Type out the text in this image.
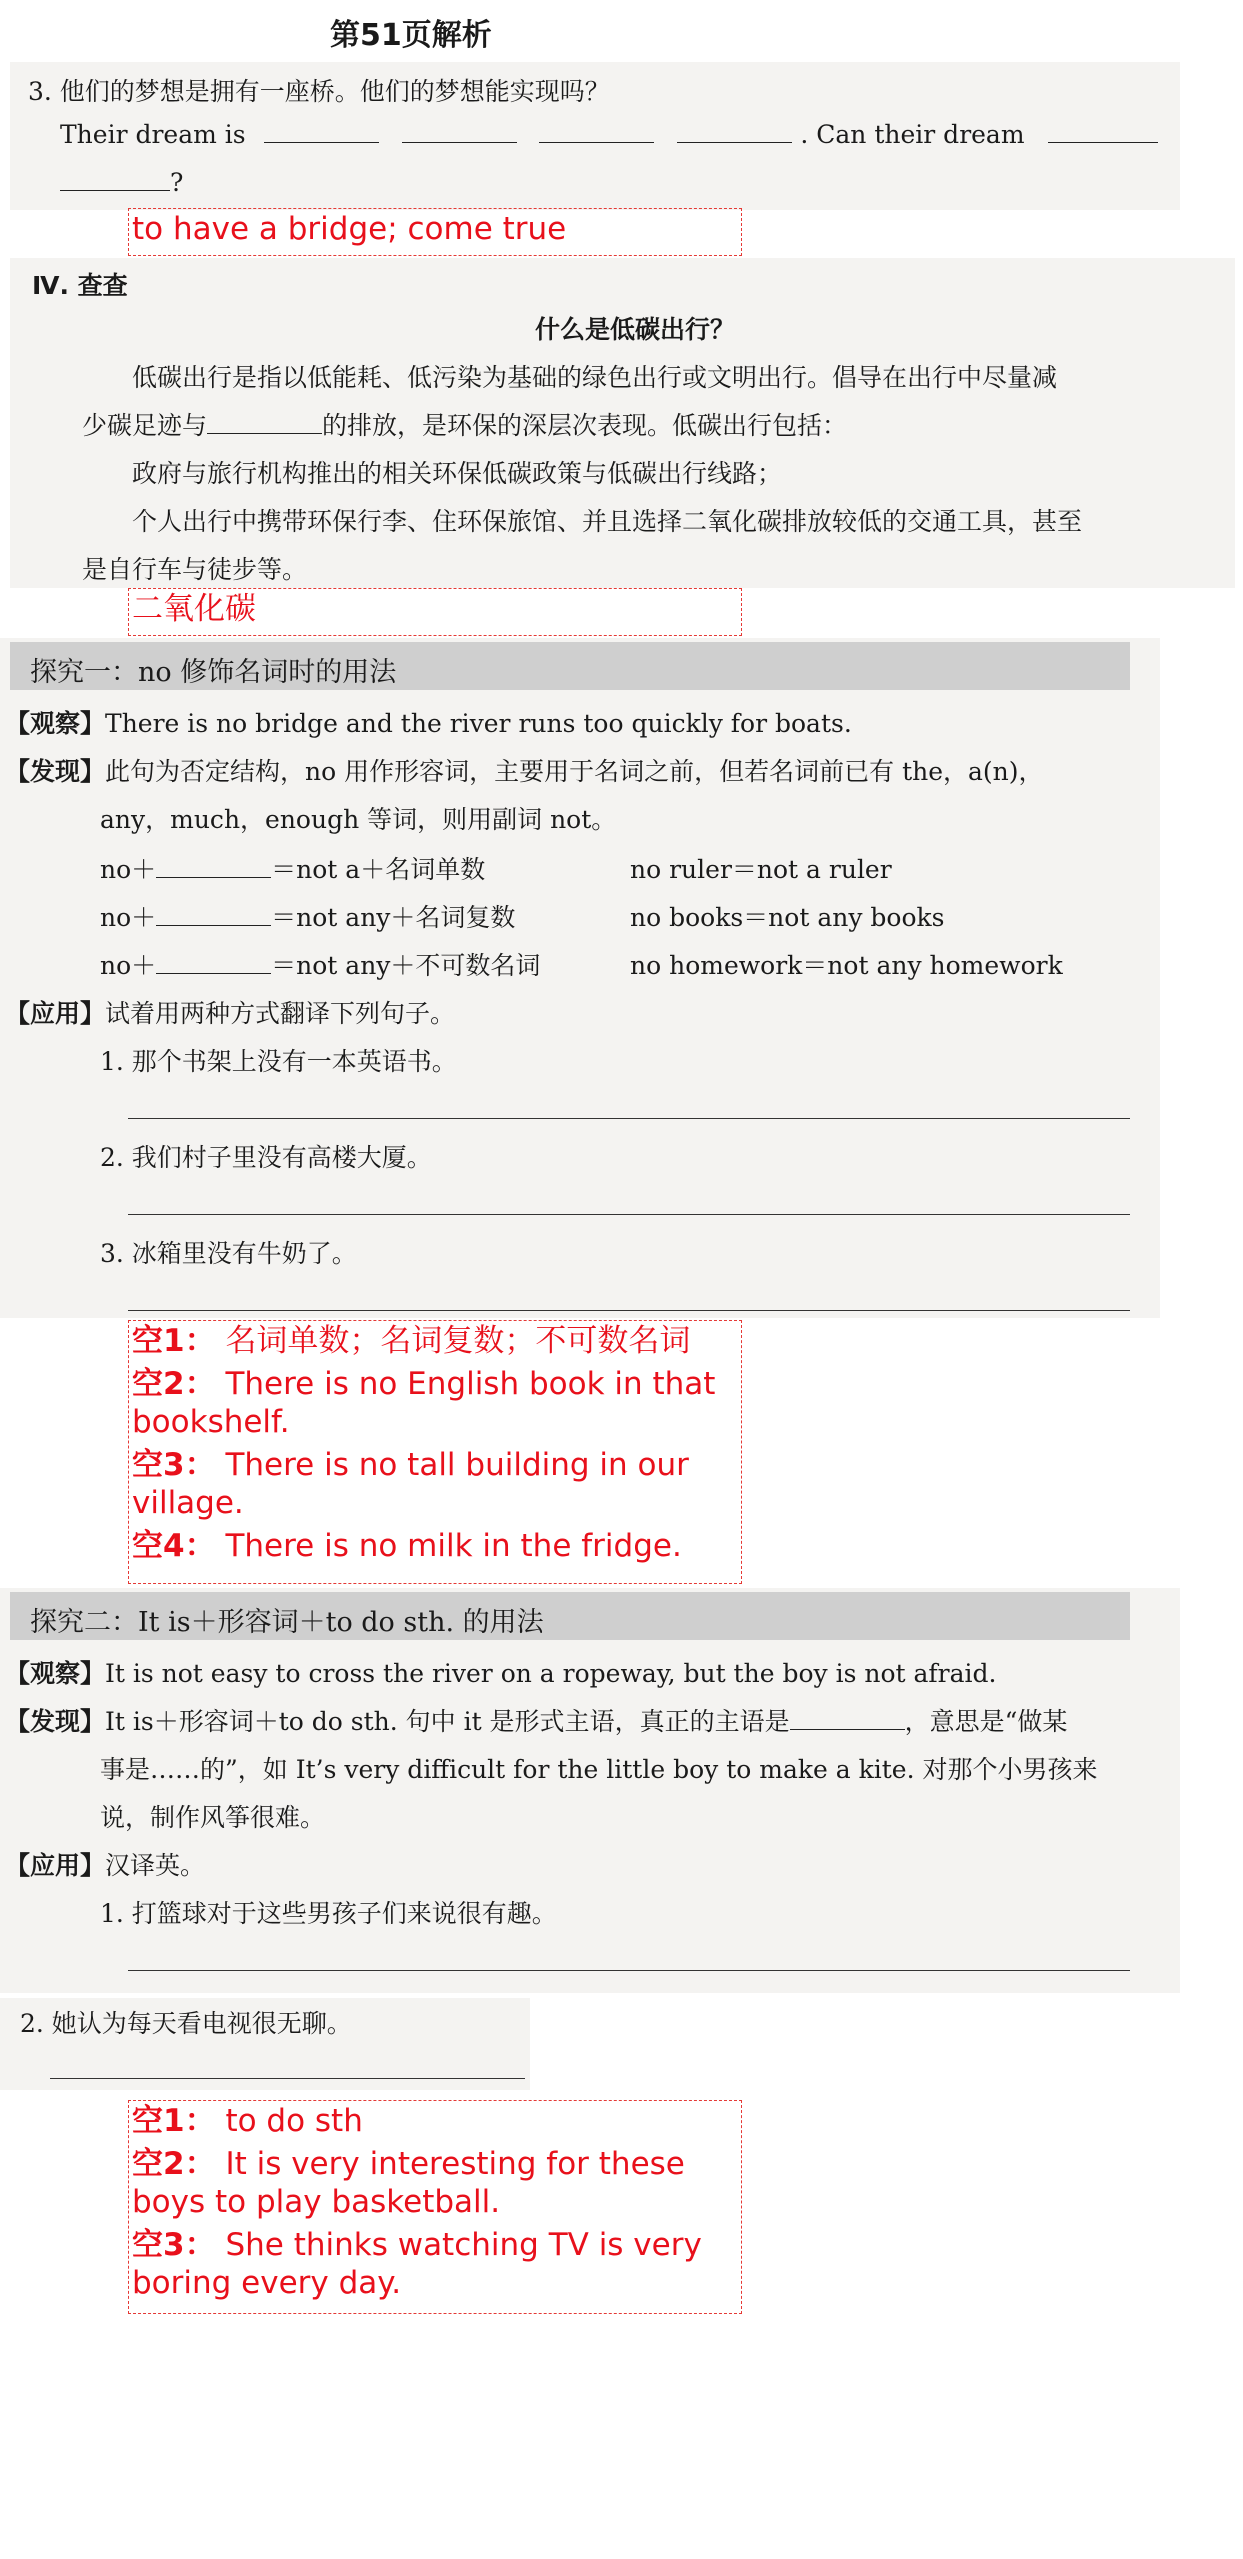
第51页解析
3. 他们的梦想是拥有一座桥。他们的梦想能实现吗？
Their dream is	. Can their dream
?
to have a bridge; come true
Ⅳ. 查查
什么是低碳出行？
低碳出行是指以低能耗、低污染为基础的绿色出行或文明出行。倡导在出行中尽量减
少碳足迹与	的排放，是环保的深层次表现。低碳出行包括：
政府与旅行机构推出的相关环保低碳政策与低碳出行线路；
个人出行中携带环保行李、住环保旅馆、并且选择二氧化碳排放较低的交通工具，甚至
是自行车与徒步等。
二氧化碳
探究一：no 修饰名词时的用法
【观察】There is no bridge and the river runs too quickly for boats.
【发现】此句为否定结构，no 用作形容词，主要用于名词之前，但若名词前已有 the，a(n)，
any，much，enough 等词，则用副词 not。
no＋	＝not a＋名词单数	no ruler＝not a ruler
no＋	＝not any＋名词复数	no books＝not any books
no＋	＝not any＋不可数名词	no homework＝not any homework
【应用】试着用两种方式翻译下列句子。
1. 那个书架上没有一本英语书。
2. 我们村子里没有高楼大厦。
3. 冰箱里没有牛奶了。
空1： 名词单数；名词复数；不可数名词
空2： There is no English book in that bookshelf.
空3： There is no tall building in our village.
空4： There is no milk in the fridge.
探究二：It is＋形容词＋to do sth. 的用法
【观察】It is not easy to cross the river on a ropeway, but the boy is not afraid.
【发现】It is＋形容词＋to do sth. 句中 it 是形式主语，真正的主语是	，意思是“做某
事是……的”，如 It’s very difficult for the little boy to make a kite. 对那个小男孩来
说，制作风筝很难。
【应用】汉译英。
1. 打篮球对于这些男孩子们来说很有趣。
2. 她认为每天看电视很无聊。
空1： to do sth
空2： It is very interesting for these boys to play basketball.
空3： She thinks watching TV is very boring every day.
